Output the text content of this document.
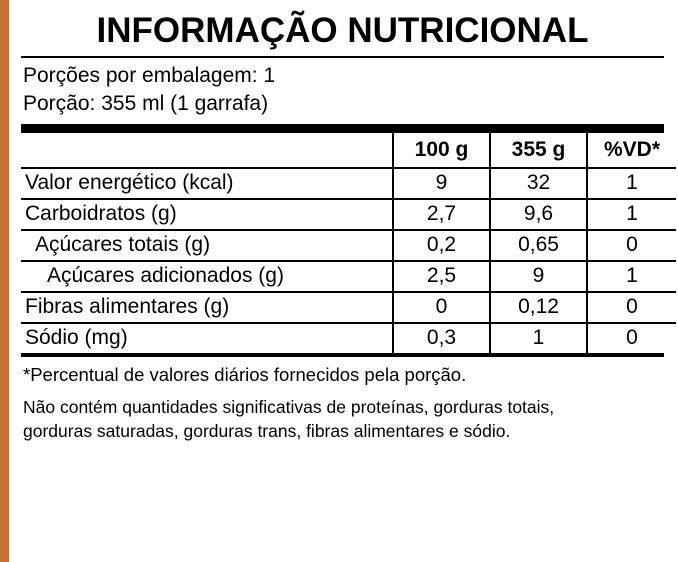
INFORMAÇÃO NUTRICIONAL
Porções por embalagem: 1
Porção: 355 ml (1 garrafa)
	100 g	355 g	%VD*
Valor energético (kcal)	9	32	1
Carboidratos (g)	2,7	9,6	1
Açúcares totais (g)	0,2	0,65	0
Açúcares adicionados (g)	2,5	9	1
Fibras alimentares (g)	0	0,12	0
Sódio (mg)	0,3	1	0
*Percentual de valores diários fornecidos pela porção.
Não contém quantidades significativas de proteínas, gorduras totais,
gorduras saturadas, gorduras trans, fibras alimentares e sódio.
